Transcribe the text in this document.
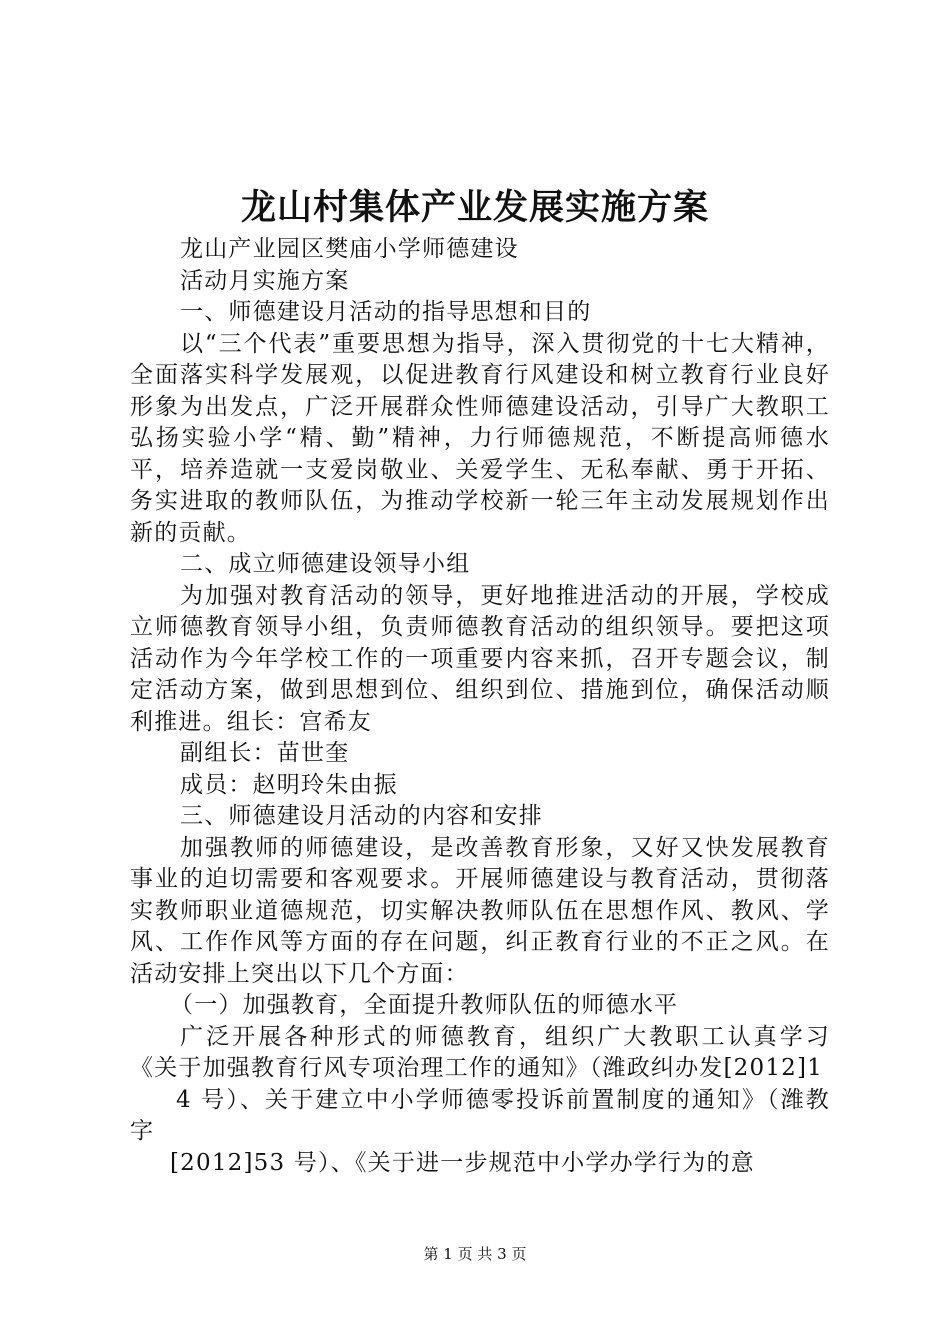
龙山村集体产业发展实施方案

龙山产业园区樊庙小学师德建设

活动月实施方案

一、师德建设月活动的指导思想和目的

以“三个代表”重要思想为指导，深入贯彻党的十七大精神，全面落实科学发展观，以促进教育行风建设和树立教育行业良好形象为出发点，广泛开展群众性师德建设活动，引导广大教职工弘扬实验小学“精、勤”精神，力行师德规范，不断提高师德水平，培养造就一支爱岗敬业、关爱学生、无私奉献、勇于开拓、务实进取的教师队伍，为推动学校新一轮三年主动发展规划作出新的贡献。

二、成立师德建设领导小组

为加强对教育活动的领导，更好地推进活动的开展，学校成立师德教育领导小组，负责师德教育活动的组织领导。要把这项活动作为今年学校工作的一项重要内容来抓，召开专题会议，制定活动方案，做到思想到位、组织到位、措施到位，确保活动顺利推进。组长：宫希友

副组长：苗世奎

成员：赵明玲朱由振

三、师德建设月活动的内容和安排

加强教师的师德建设，是改善教育形象，又好又快发展教育事业的迫切需要和客观要求。开展师德建设与教育活动，贯彻落实教师职业道德规范，切实解决教师队伍在思想作风、教风、学风、工作作风等方面的存在问题，纠正教育行业的不正之风。在活动安排上突出以下几个方面：

（一）加强教育，全面提升教师队伍的师德水平

广泛开展各种形式的师德教育，组织广大教职工认真学习《关于加强教育行风专项治理工作的通知》（潍政纠办发[2012]1

4 号）、关于建立中小学师德零投诉前置制度的通知》（潍教字

[2012]53 号）、《关于进一步规范中小学办学行为的意

第 1 页 共 3 页
